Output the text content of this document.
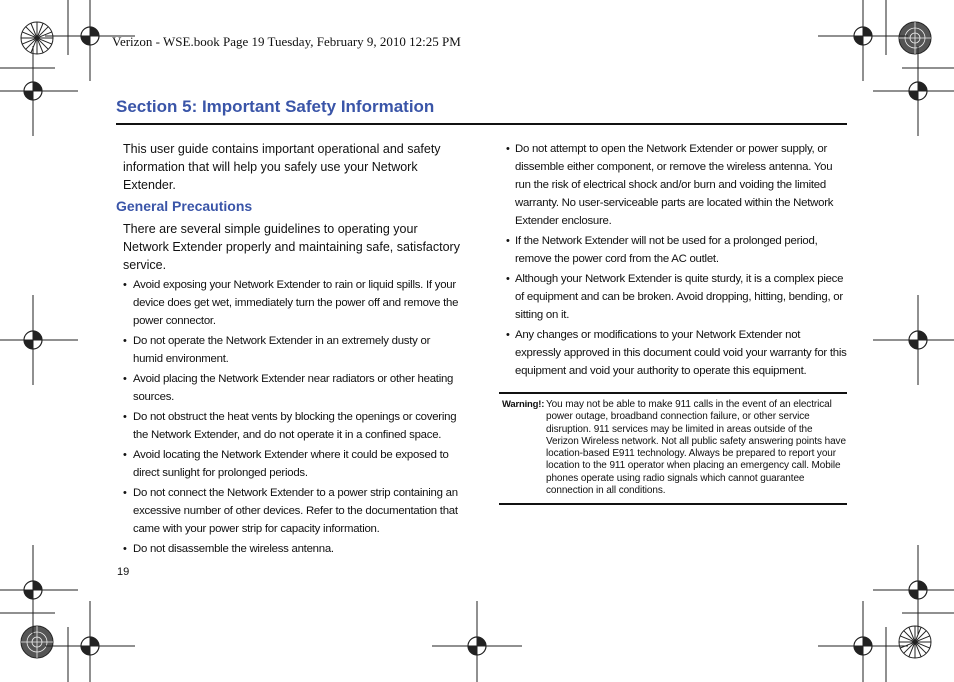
Verizon - WSE.book Page 19 Tuesday, February 9, 2010 12:25 PM
Section 5: Important Safety Information

This user guide contains important operational and safety information that will help you safely use your Network Extender.

General Precautions

There are several simple guidelines to operating your Network Extender properly and maintaining safe, satisfactory service.

• Avoid exposing your Network Extender to rain or liquid spills. If your device does get wet, immediately turn the power off and remove the power connector.
• Do not operate the Network Extender in an extremely dusty or humid environment.
• Avoid placing the Network Extender near radiators or other heating sources.
• Do not obstruct the heat vents by blocking the openings or covering the Network Extender, and do not operate it in a confined space.
• Avoid locating the Network Extender where it could be exposed to direct sunlight for prolonged periods.
• Do not connect the Network Extender to a power strip containing an excessive number of other devices. Refer to the documentation that came with your power strip for capacity information.
• Do not disassemble the wireless antenna.
• Do not attempt to open the Network Extender or power supply, or dissemble either component, or remove the wireless antenna. You run the risk of electrical shock and/or burn and voiding the limited warranty. No user-serviceable parts are located within the Network Extender enclosure.
• If the Network Extender will not be used for a prolonged period, remove the power cord from the AC outlet.
• Although your Network Extender is quite sturdy, it is a complex piece of equipment and can be broken. Avoid dropping, hitting, bending, or sitting on it.
• Any changes or modifications to your Network Extender not expressly approved in this document could void your warranty for this equipment and void your authority to operate this equipment.
Warning!: You may not be able to make 911 calls in the event of an electrical power outage, broadband connection failure, or other service disruption. 911 services may be limited in areas outside of the Verizon Wireless network. Not all public safety answering points have location-based E911 technology. Always be prepared to report your location to the 911 operator when placing an emergency call. Mobile phones operate using radio signals which cannot guarantee connection in all conditions.
19
